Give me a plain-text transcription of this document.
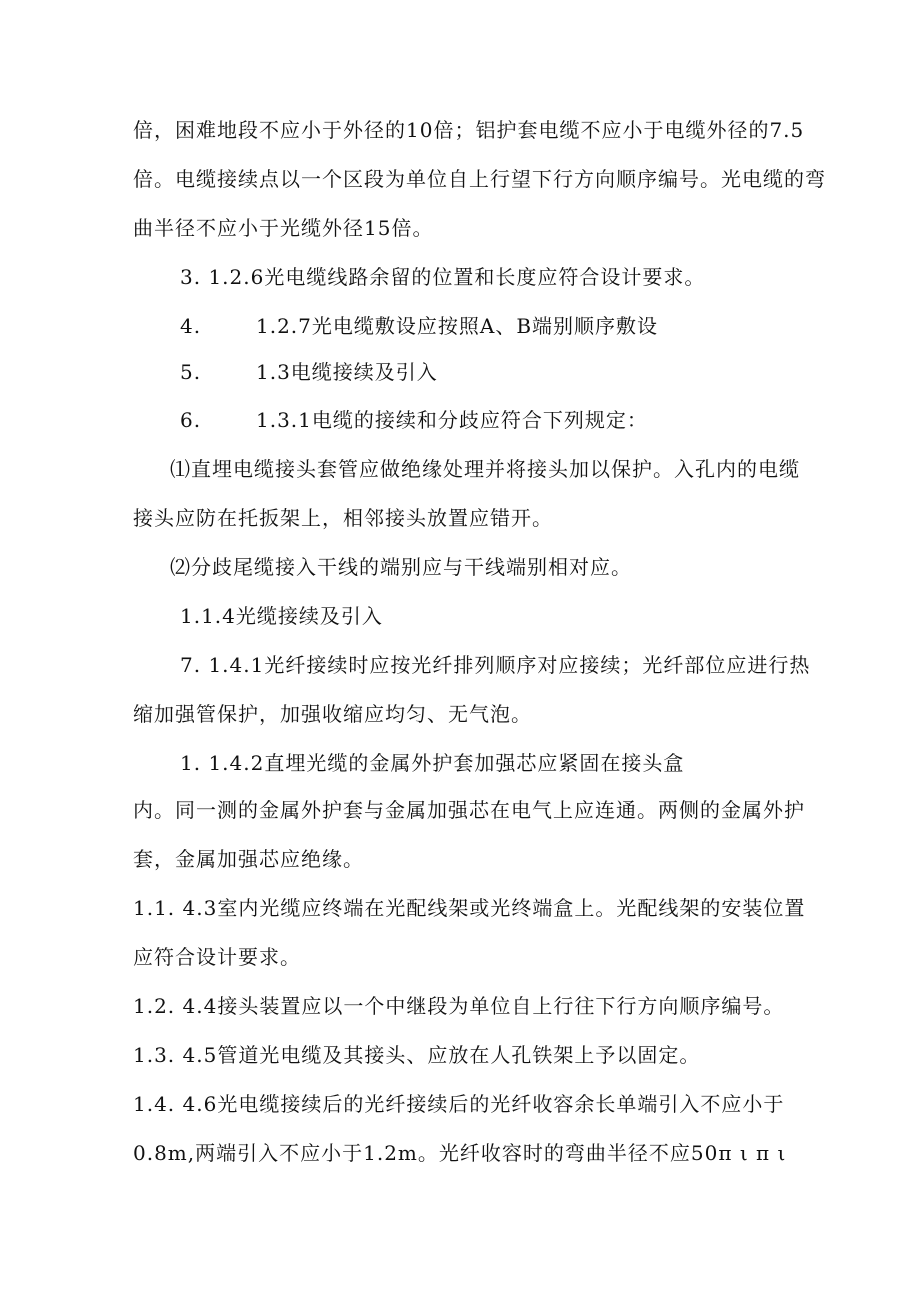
倍，困难地段不应小于外径的10倍；铝护套电缆不应小于电缆外径的7.5
倍。电缆接续点以一个区段为单位自上行望下行方向顺序编号。光电缆的弯
曲半径不应小于光缆外径15倍。
3. 1.2.6光电缆线路余留的位置和长度应符合设计要求。
4.	1.2.7光电缆敷设应按照A、B端别顺序敷设
5.	1.3电缆接续及引入
6.	1.3.1电缆的接续和分歧应符合下列规定：
⑴直埋电缆接头套管应做绝缘处理并将接头加以保护。入孔内的电缆
接头应防在托扳架上，相邻接头放置应错开。
⑵分歧尾缆接入干线的端别应与干线端别相对应。
1.1.4光缆接续及引入
7. 1.4.1光纤接续时应按光纤排列顺序对应接续；光纤部位应进行热
缩加强管保护，加强收缩应均匀、无气泡。
1. 1.4.2直埋光缆的金属外护套加强芯应紧固在接头盒
内。同一测的金属外护套与金属加强芯在电气上应连通。两侧的金属外护
套，金属加强芯应绝缘。
1.1. 4.3室内光缆应终端在光配线架或光终端盒上。光配线架的安装位置
应符合设计要求。
1.2. 4.4接头装置应以一个中继段为单位自上行往下行方向顺序编号。
1.3. 4.5管道光电缆及其接头、应放在人孔铁架上予以固定。
1.4. 4.6光电缆接续后的光纤接续后的光纤收容余长单端引入不应小于
0.8m,两端引入不应小于1.2m。光纤收容时的弯曲半径不应50π ι π ι
